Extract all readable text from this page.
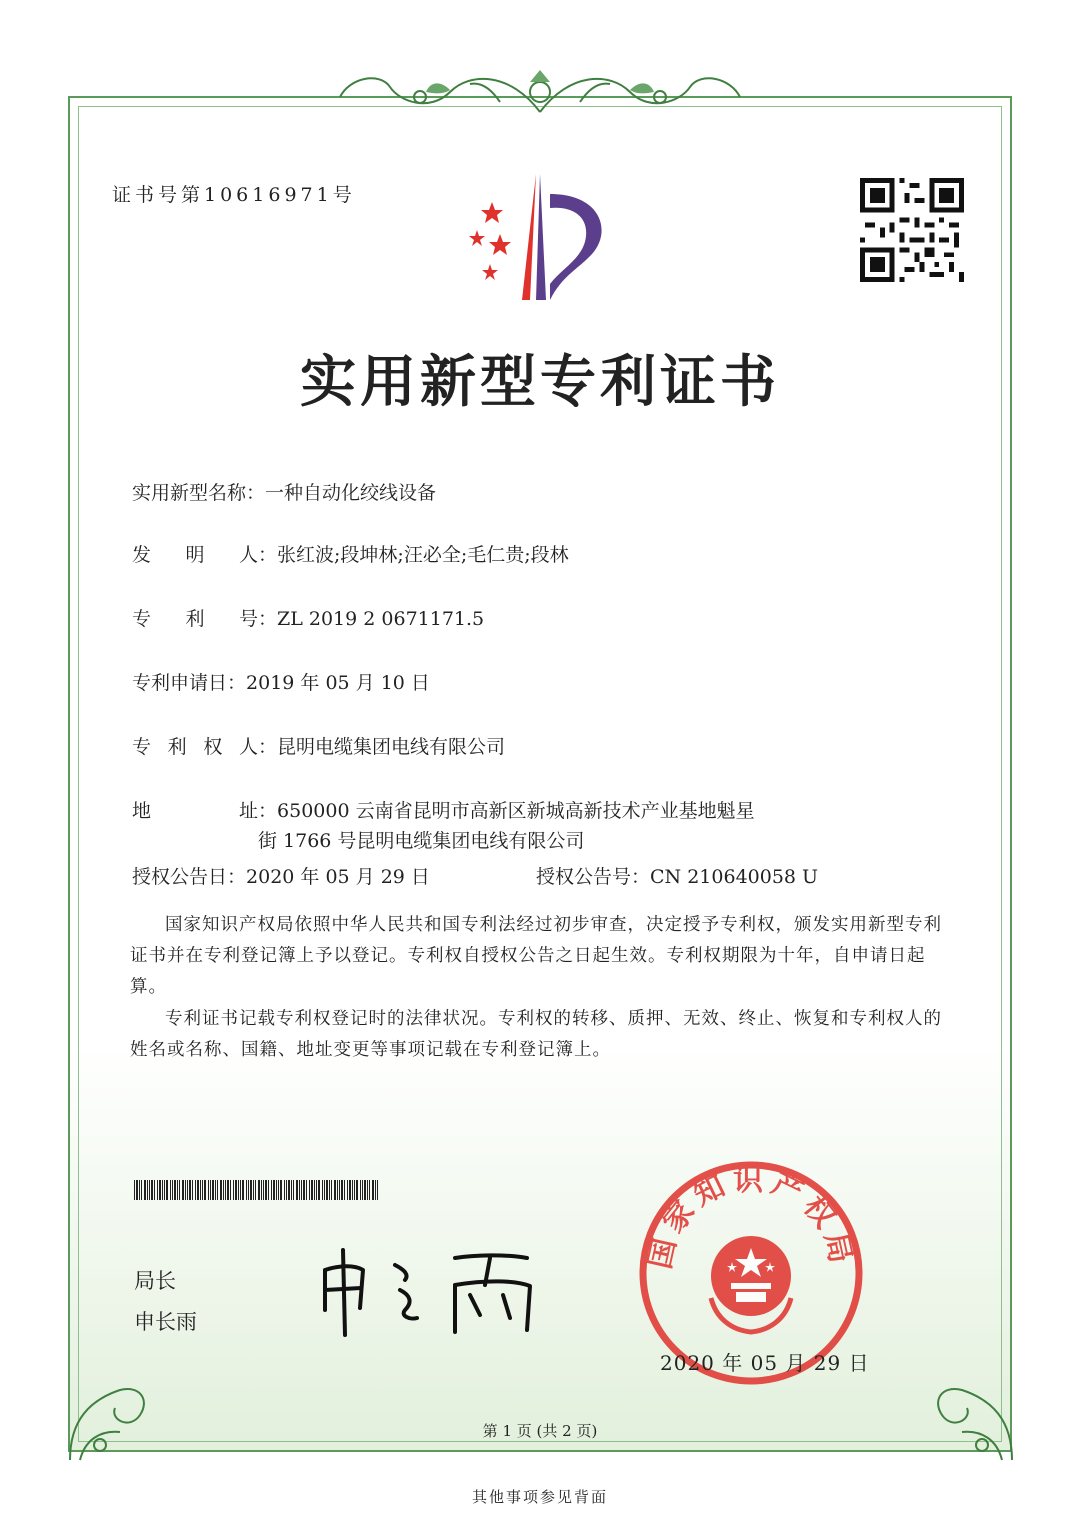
证书号第10616971号
实用新型专利证书
实用新型名称：一种自动化绞线设备
发 明 人 ：张红波;段坤林;汪必全;毛仁贵;段林
专 利 号 ：ZL 2019 2 0671171.5
专利申请日：2019 年 05 月 10 日
专 利 权 人 ：昆明电缆集团电线有限公司
地	址 ：650000 云南省昆明市高新区新城高新技术产业基地魁星
街 1766 号昆明电缆集团电线有限公司
授权公告日：2020 年 05 月 29 日	授权公告号：CN 210640058 U
国家知识产权局依照中华人民共和国专利法经过初步审查，决定授予专利权，颁发实用新型专利证书并在专利登记簿上予以登记。专利权自授权公告之日起生效。专利权期限为十年，自申请日起算。
专利证书记载专利权登记时的法律状况。专利权的转移、质押、无效、终止、恢复和专利权人的姓名或名称、国籍、地址变更等事项记载在专利登记簿上。
局长
申长雨
国家知识产权局
2020 年 05 月 29 日
第 1 页 (共 2 页)
其他事项参见背面
